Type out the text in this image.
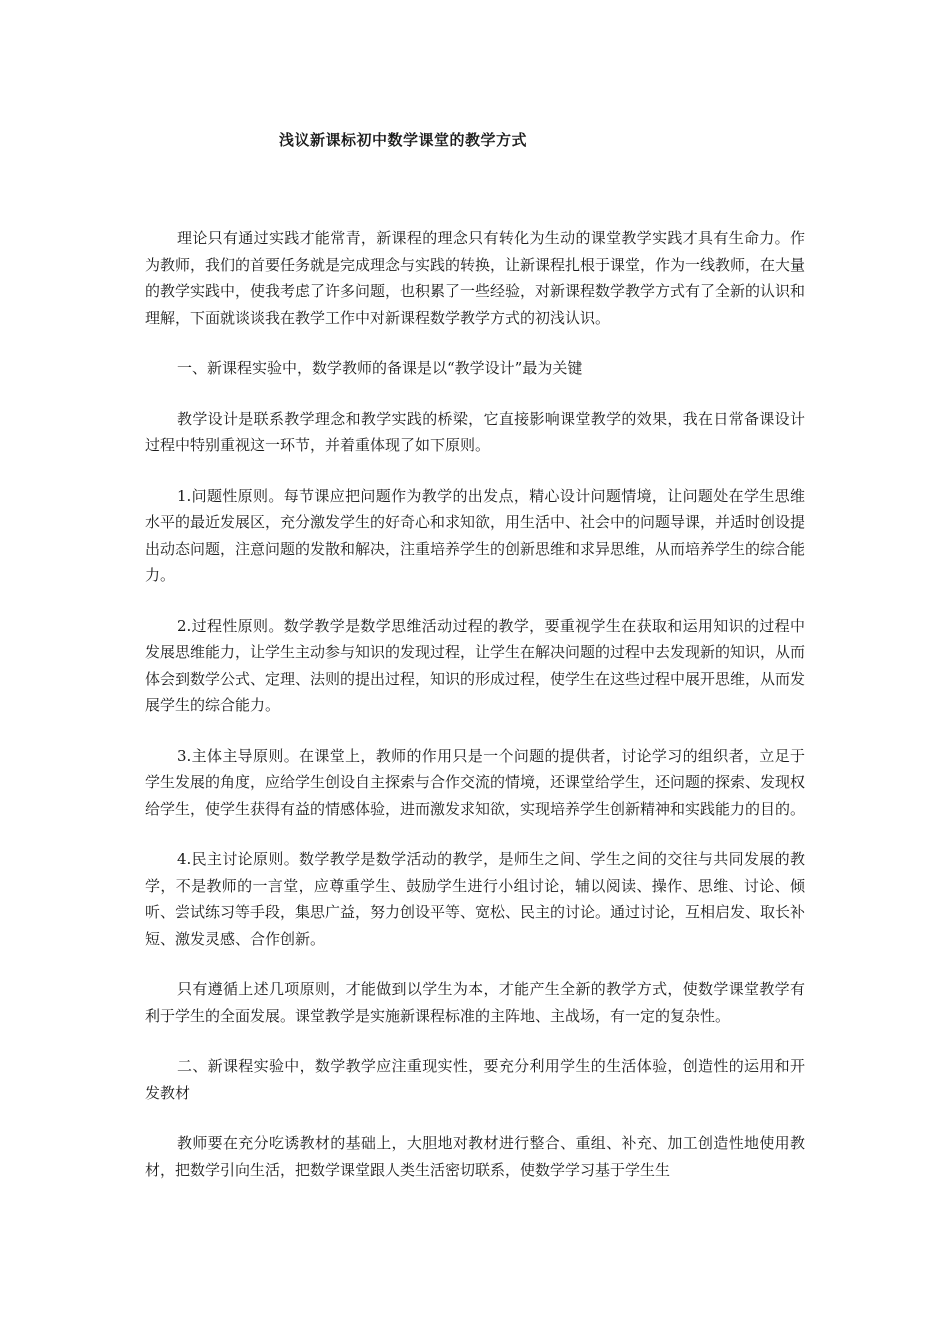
浅议新课标初中数学课堂的教学方式

理论只有通过实践才能常青，新课程的理念只有转化为生动的课堂教学实践才具有生命力。作为教师，我们的首要任务就是完成理念与实践的转换，让新课程扎根于课堂，作为一线教师，在大量的教学实践中，使我考虑了许多问题，也积累了一些经验，对新课程数学教学方式有了全新的认识和理解，下面就谈谈我在教学工作中对新课程数学教学方式的初浅认识。

一、新课程实验中，数学教师的备课是以“教学设计”最为关键

教学设计是联系教学理念和教学实践的桥梁，它直接影响课堂教学的效果，我在日常备课设计过程中特别重视这一环节，并着重体现了如下原则。

1.问题性原则。每节课应把问题作为教学的出发点，精心设计问题情境，让问题处在学生思维水平的最近发展区，充分激发学生的好奇心和求知欲，用生活中、社会中的问题导课，并适时创设提出动态问题，注意问题的发散和解决，注重培养学生的创新思维和求异思维，从而培养学生的综合能力。

2.过程性原则。数学教学是数学思维活动过程的教学，要重视学生在获取和运用知识的过程中发展思维能力，让学生主动参与知识的发现过程，让学生在解决问题的过程中去发现新的知识，从而体会到数学公式、定理、法则的提出过程，知识的形成过程，使学生在这些过程中展开思维，从而发展学生的综合能力。

3.主体主导原则。在课堂上，教师的作用只是一个问题的提供者，讨论学习的组织者，立足于学生发展的角度，应给学生创设自主探索与合作交流的情境，还课堂给学生，还问题的探索、发现权给学生，使学生获得有益的情感体验，进而激发求知欲，实现培养学生创新精神和实践能力的目的。

4.民主讨论原则。数学教学是数学活动的教学，是师生之间、学生之间的交往与共同发展的教学，不是教师的一言堂，应尊重学生、鼓励学生进行小组讨论，辅以阅读、操作、思维、讨论、倾听、尝试练习等手段，集思广益，努力创设平等、宽松、民主的讨论。通过讨论，互相启发、取长补短、激发灵感、合作创新。

只有遵循上述几项原则，才能做到以学生为本，才能产生全新的教学方式，使数学课堂教学有利于学生的全面发展。课堂教学是实施新课程标准的主阵地、主战场，有一定的复杂性。

二、新课程实验中，数学教学应注重现实性，要充分利用学生的生活体验，创造性的运用和开发教材

教师要在充分吃诱教材的基础上，大胆地对教材进行整合、重组、补充、加工创造性地使用教材，把数学引向生活，把数学课堂跟人类生活密切联系，使数学学习基于学生生
